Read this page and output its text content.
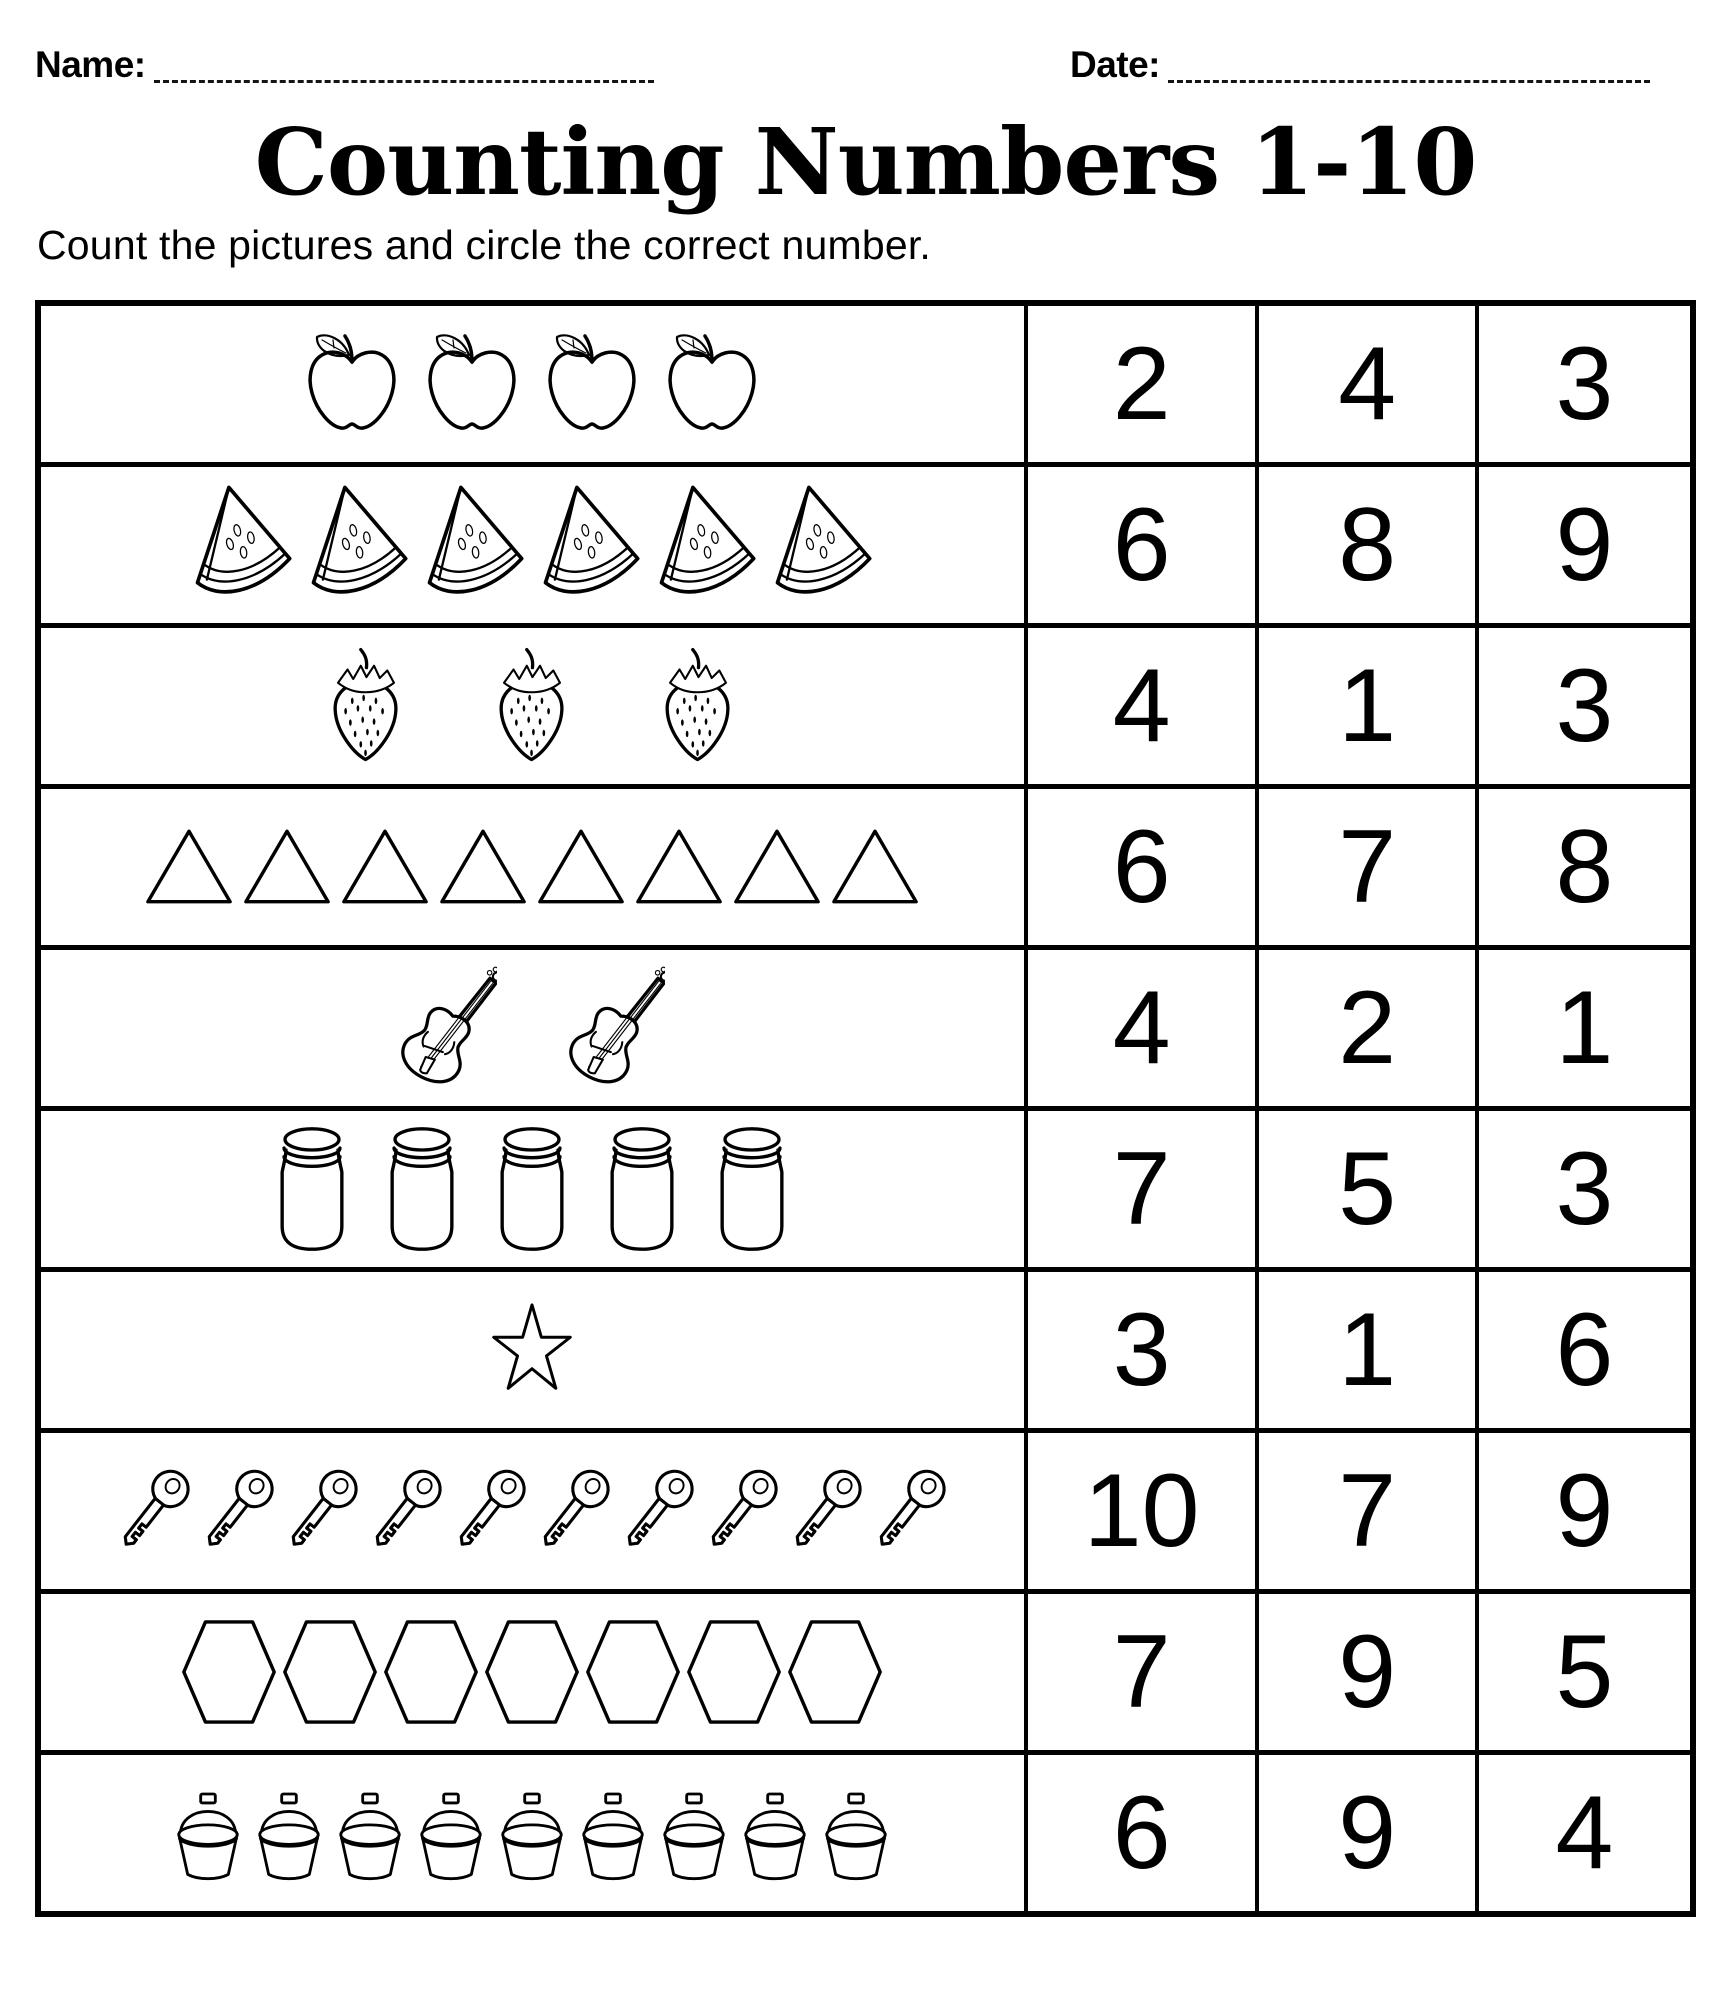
Name:	Date:
Counting Numbers 1-10

Count the pictures and circle the correct number.

2	4	3
6	8	9
4	1	3
6	7	8
4	2	1
7	5	3
3	1	6
10	7	9
7	9	5
6	9	4
